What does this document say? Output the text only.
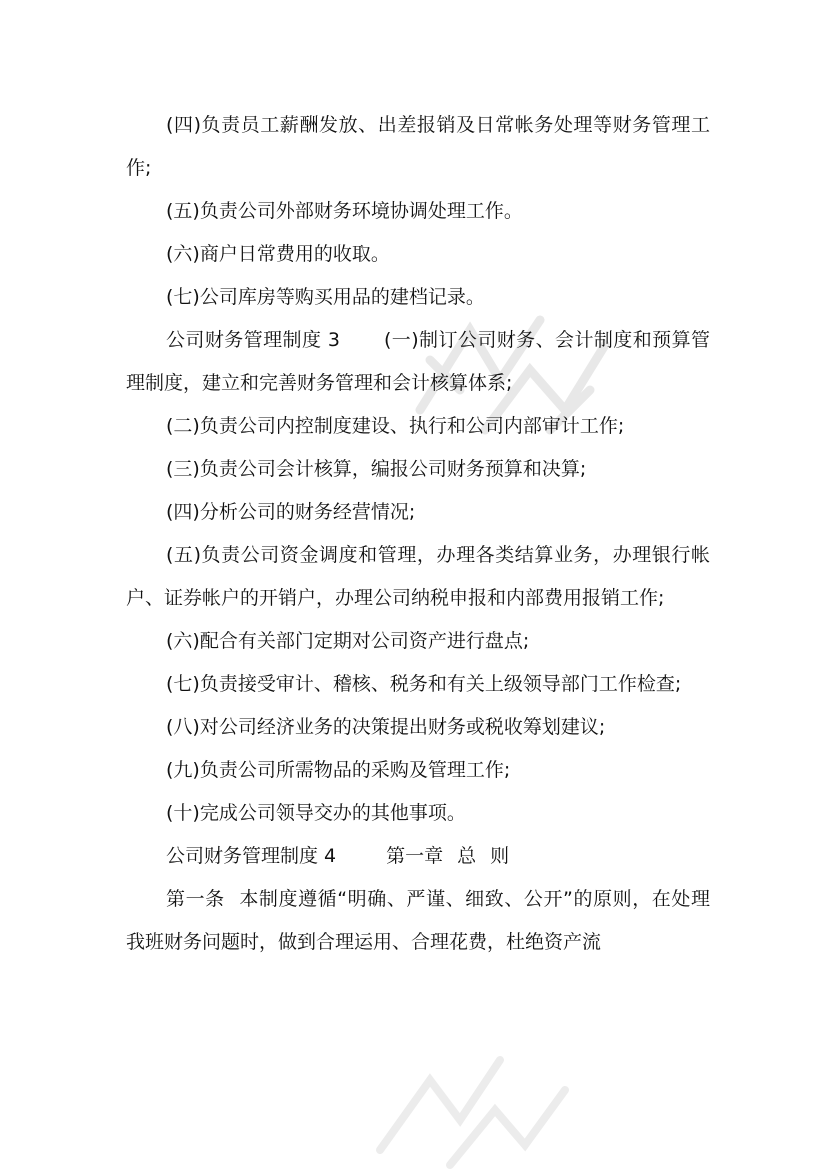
(四)负责员工薪酬发放、出差报销及日常帐务处理等财务管理工作;

(五)负责公司外部财务环境协调处理工作。

(六)商户日常费用的收取。

(七)公司库房等购买用品的建档记录。

公司财务管理制度 3 (一)制订公司财务、会计制度和预算管理制度，建立和完善财务管理和会计核算体系;

(二)负责公司内控制度建设、执行和公司内部审计工作;

(三)负责公司会计核算，编报公司财务预算和决算;

(四)分析公司的财务经营情况;

(五)负责公司资金调度和管理，办理各类结算业务，办理银行帐户、证券帐户的开销户，办理公司纳税申报和内部费用报销工作;

(六)配合有关部门定期对公司资产进行盘点;

(七)负责接受审计、稽核、税务和有关上级领导部门工作检查;

(八)对公司经济业务的决策提出财务或税收筹划建议;

(九)负责公司所需物品的采购及管理工作;

(十)完成公司领导交办的其他事项。

公司财务管理制度 4	第一章 总 则

第一条 本制度遵循“明确、严谨、细致、公开”的原则，在处理我班财务问题时，做到合理运用、合理花费，杜绝资产流
